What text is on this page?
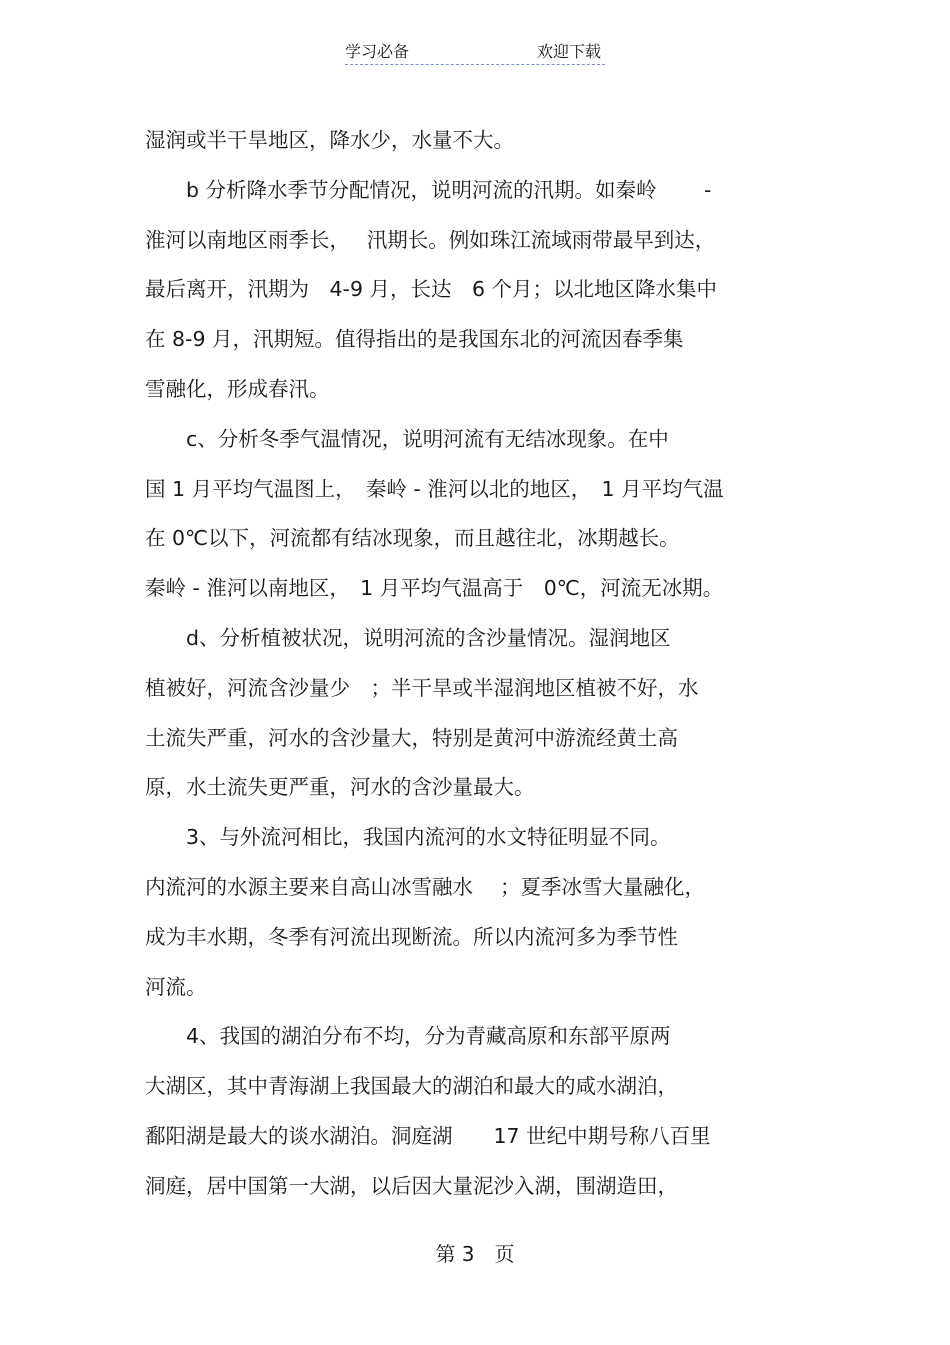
学习必备	欢迎下载
湿润或半干旱地区，降水少，水量不大。
　　b 分析降水季节分配情况，说明河流的汛期。如秦岭　　 -
淮河以南地区雨季长，　 汛期长。例如珠江流域雨带最早到达，
最后离开，汛期为　4-9 月，长达　6 个月；以北地区降水集中
在 8-9 月，汛期短。值得指出的是我国东北的河流因春季集
雪融化，形成春汛。
　　c、分析冬季气温情况，说明河流有无结冰现象。在中
国 1 月平均气温图上，　秦岭 - 淮河以北的地区，　1 月平均气温
在 0℃以下，河流都有结冰现象，而且越往北，冰期越长。
秦岭 - 淮河以南地区，　1 月平均气温高于　0℃，河流无冰期。
　　d、分析植被状况，说明河流的含沙量情况。湿润地区
植被好，河流含沙量少　；半干旱或半湿润地区植被不好，水
土流失严重，河水的含沙量大，特别是黄河中游流经黄土高
原，水土流失更严重，河水的含沙量最大。
　　3、与外流河相比，我国内流河的水文特征明显不同。
内流河的水源主要来自高山冰雪融水　 ；夏季冰雪大量融化，
成为丰水期，冬季有河流出现断流。所以内流河多为季节性
河流。
　　4、我国的湖泊分布不均，分为青藏高原和东部平原两
大湖区，其中青海湖上我国最大的湖泊和最大的咸水湖泊，
鄱阳湖是最大的谈水湖泊。洞庭湖　　17 世纪中期号称八百里
洞庭，居中国第一大湖，以后因大量泥沙入湖，围湖造田，
第 3　页
